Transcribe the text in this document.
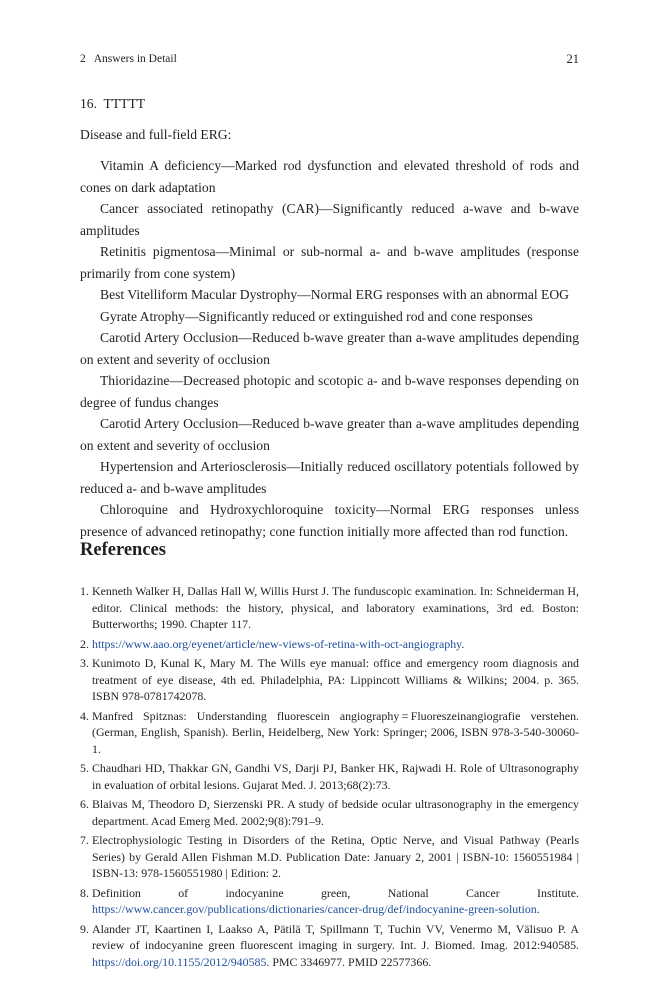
2   Answers in Detail	21

16.  TTTTT

Disease and full-field ERG:

Vitamin A deficiency—Marked rod dysfunction and elevated threshold of rods and cones on dark adaptation

Cancer associated retinopathy (CAR)—Significantly reduced a-wave and b-wave amplitudes

Retinitis pigmentosa—Minimal or sub-normal a- and b-wave amplitudes (response primarily from cone system)

Best Vitelliform Macular Dystrophy—Normal ERG responses with an abnormal EOG

Gyrate Atrophy—Significantly reduced or extinguished rod and cone responses

Carotid Artery Occlusion—Reduced b-wave greater than a-wave amplitudes depending on extent and severity of occlusion

Thioridazine—Decreased photopic and scotopic a- and b-wave responses depending on degree of fundus changes

Carotid Artery Occlusion—Reduced b-wave greater than a-wave amplitudes depending on extent and severity of occlusion

Hypertension and Arteriosclerosis—Initially reduced oscillatory potentials followed by reduced a- and b-wave amplitudes

Chloroquine and Hydroxychloroquine toxicity—Normal ERG responses unless presence of advanced retinopathy; cone function initially more affected than rod function.

References
1. Kenneth Walker H, Dallas Hall W, Willis Hurst J. The funduscopic examination. In: Schneiderman H, editor. Clinical methods: the history, physical, and laboratory examinations, 3rd ed. Boston: Butterworths; 1990. Chapter 117.
2. https://www.aao.org/eyenet/article/new-views-of-retina-with-oct-angiography.
3. Kunimoto D, Kunal K, Mary M. The Wills eye manual: office and emergency room diagnosis and treatment of eye disease, 4th ed. Philadelphia, PA: Lippincott Williams & Wilkins; 2004. p. 365. ISBN 978-0781742078.
4. Manfred Spitznas: Understanding fluorescein angiography = Fluoreszeinangiografie verstehen. (German, English, Spanish). Berlin, Heidelberg, New York: Springer; 2006, ISBN 978-3-540-30060-1.
5. Chaudhari HD, Thakkar GN, Gandhi VS, Darji PJ, Banker HK, Rajwadi H. Role of Ultrasonography in evaluation of orbital lesions. Gujarat Med. J. 2013;68(2):73.
6. Blaivas M, Theodoro D, Sierzenski PR. A study of bedside ocular ultrasonography in the emergency department. Acad Emerg Med. 2002;9(8):791–9.
7. Electrophysiologic Testing in Disorders of the Retina, Optic Nerve, and Visual Pathway (Pearls Series) by Gerald Allen Fishman M.D. Publication Date: January 2, 2001 | ISBN-10: 1560551984 | ISBN-13: 978-1560551980 | Edition: 2.
8. Definition of indocyanine green, National Cancer Institute. https://www.cancer.gov/publications/dictionaries/cancer-drug/def/indocyanine-green-solution.
9. Alander JT, Kaartinen I, Laakso A, Pätilä T, Spillmann T, Tuchin VV, Venermo M, Välisuo P. A review of indocyanine green fluorescent imaging in surgery. Int. J. Biomed. Imag. 2012:940585. https://doi.org/10.1155/2012/940585. PMC 3346977. PMID 22577366.
